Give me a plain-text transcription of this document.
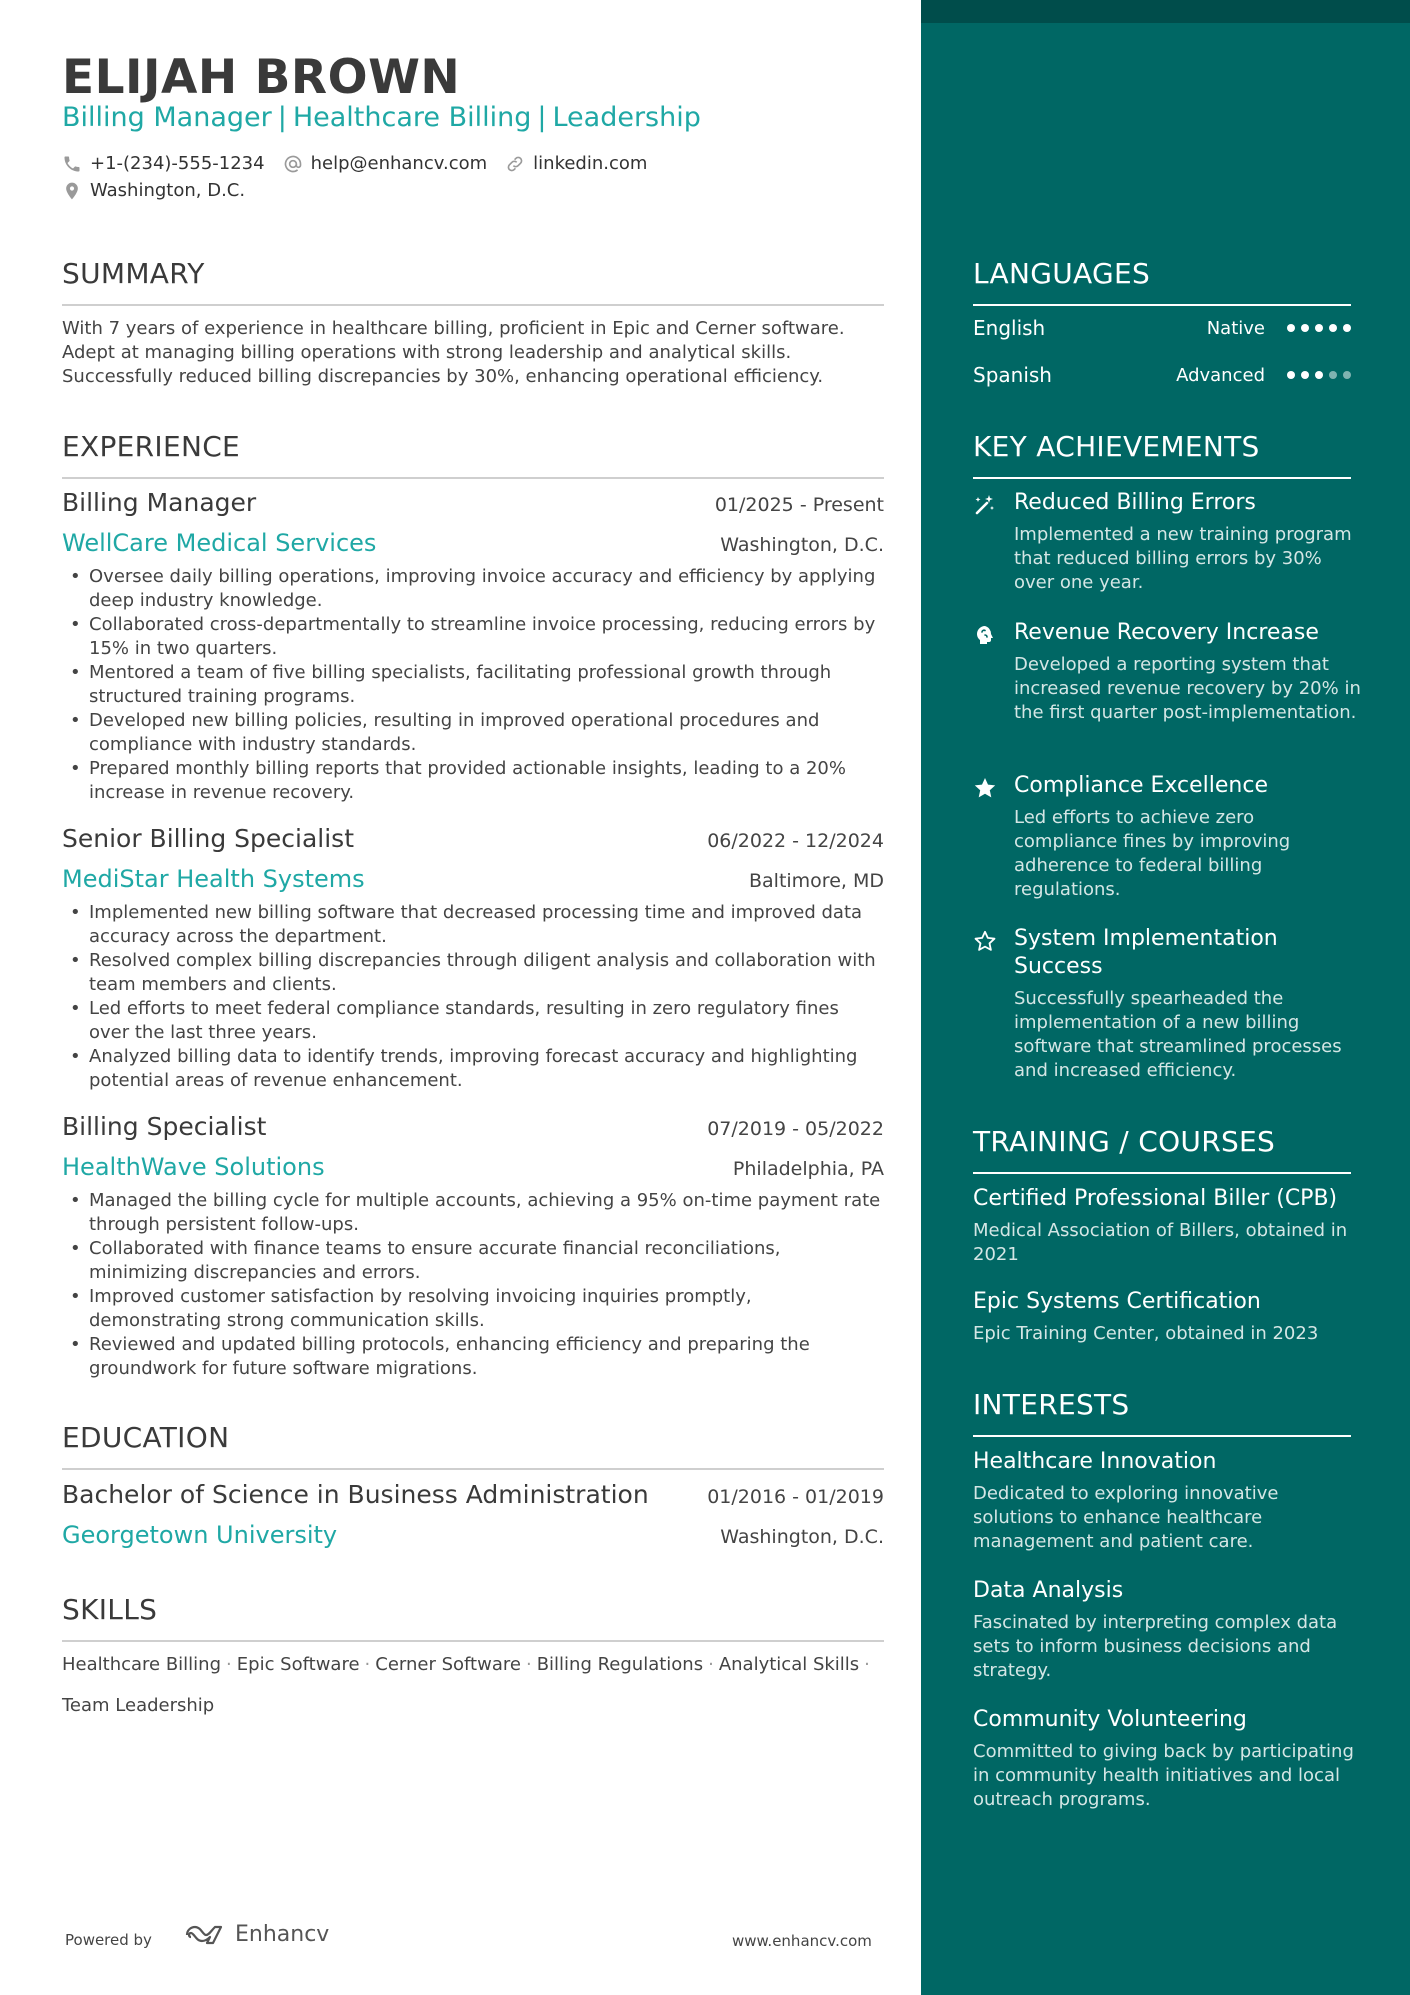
ELIJAH BROWN
Billing Manager | Healthcare Billing | Leadership
+1-(234)-555-1234	help@enhancv.com	linkedin.com
Washington, D.C.
SUMMARY
With 7 years of experience in healthcare billing, proficient in Epic and Cerner software. Adept at managing billing operations with strong leadership and analytical skills. Successfully reduced billing discrepancies by 30%, enhancing operational efficiency.
EXPERIENCE
Billing Manager	01/2025 - Present
WellCare Medical Services	Washington, D.C.
• Oversee daily billing operations, improving invoice accuracy and efficiency by applying deep industry knowledge.
• Collaborated cross-departmentally to streamline invoice processing, reducing errors by 15% in two quarters.
• Mentored a team of five billing specialists, facilitating professional growth through structured training programs.
• Developed new billing policies, resulting in improved operational procedures and compliance with industry standards.
• Prepared monthly billing reports that provided actionable insights, leading to a 20% increase in revenue recovery.
Senior Billing Specialist	06/2022 - 12/2024
MediStar Health Systems	Baltimore, MD
• Implemented new billing software that decreased processing time and improved data accuracy across the department.
• Resolved complex billing discrepancies through diligent analysis and collaboration with team members and clients.
• Led efforts to meet federal compliance standards, resulting in zero regulatory fines over the last three years.
• Analyzed billing data to identify trends, improving forecast accuracy and highlighting potential areas of revenue enhancement.
Billing Specialist	07/2019 - 05/2022
HealthWave Solutions	Philadelphia, PA
• Managed the billing cycle for multiple accounts, achieving a 95% on-time payment rate through persistent follow-ups.
• Collaborated with finance teams to ensure accurate financial reconciliations, minimizing discrepancies and errors.
• Improved customer satisfaction by resolving invoicing inquiries promptly, demonstrating strong communication skills.
• Reviewed and updated billing protocols, enhancing efficiency and preparing the groundwork for future software migrations.
EDUCATION
Bachelor of Science in Business Administration	01/2016 - 01/2019
Georgetown University	Washington, D.C.
SKILLS
Healthcare Billing · Epic Software · Cerner Software · Billing Regulations · Analytical Skills ·
Team Leadership
Powered by	Enhancv	www.enhancv.com
LANGUAGES
English	Native
Spanish	Advanced
KEY ACHIEVEMENTS
Reduced Billing Errors
Implemented a new training program that reduced billing errors by 30% over one year.
Revenue Recovery Increase
Developed a reporting system that increased revenue recovery by 20% in the first quarter post-implementation.
Compliance Excellence
Led efforts to achieve zero compliance fines by improving adherence to federal billing regulations.
System Implementation Success
Successfully spearheaded the implementation of a new billing software that streamlined processes and increased efficiency.
TRAINING / COURSES
Certified Professional Biller (CPB)
Medical Association of Billers, obtained in 2021
Epic Systems Certification
Epic Training Center, obtained in 2023
INTERESTS
Healthcare Innovation
Dedicated to exploring innovative solutions to enhance healthcare management and patient care.
Data Analysis
Fascinated by interpreting complex data sets to inform business decisions and strategy.
Community Volunteering
Committed to giving back by participating in community health initiatives and local outreach programs.
